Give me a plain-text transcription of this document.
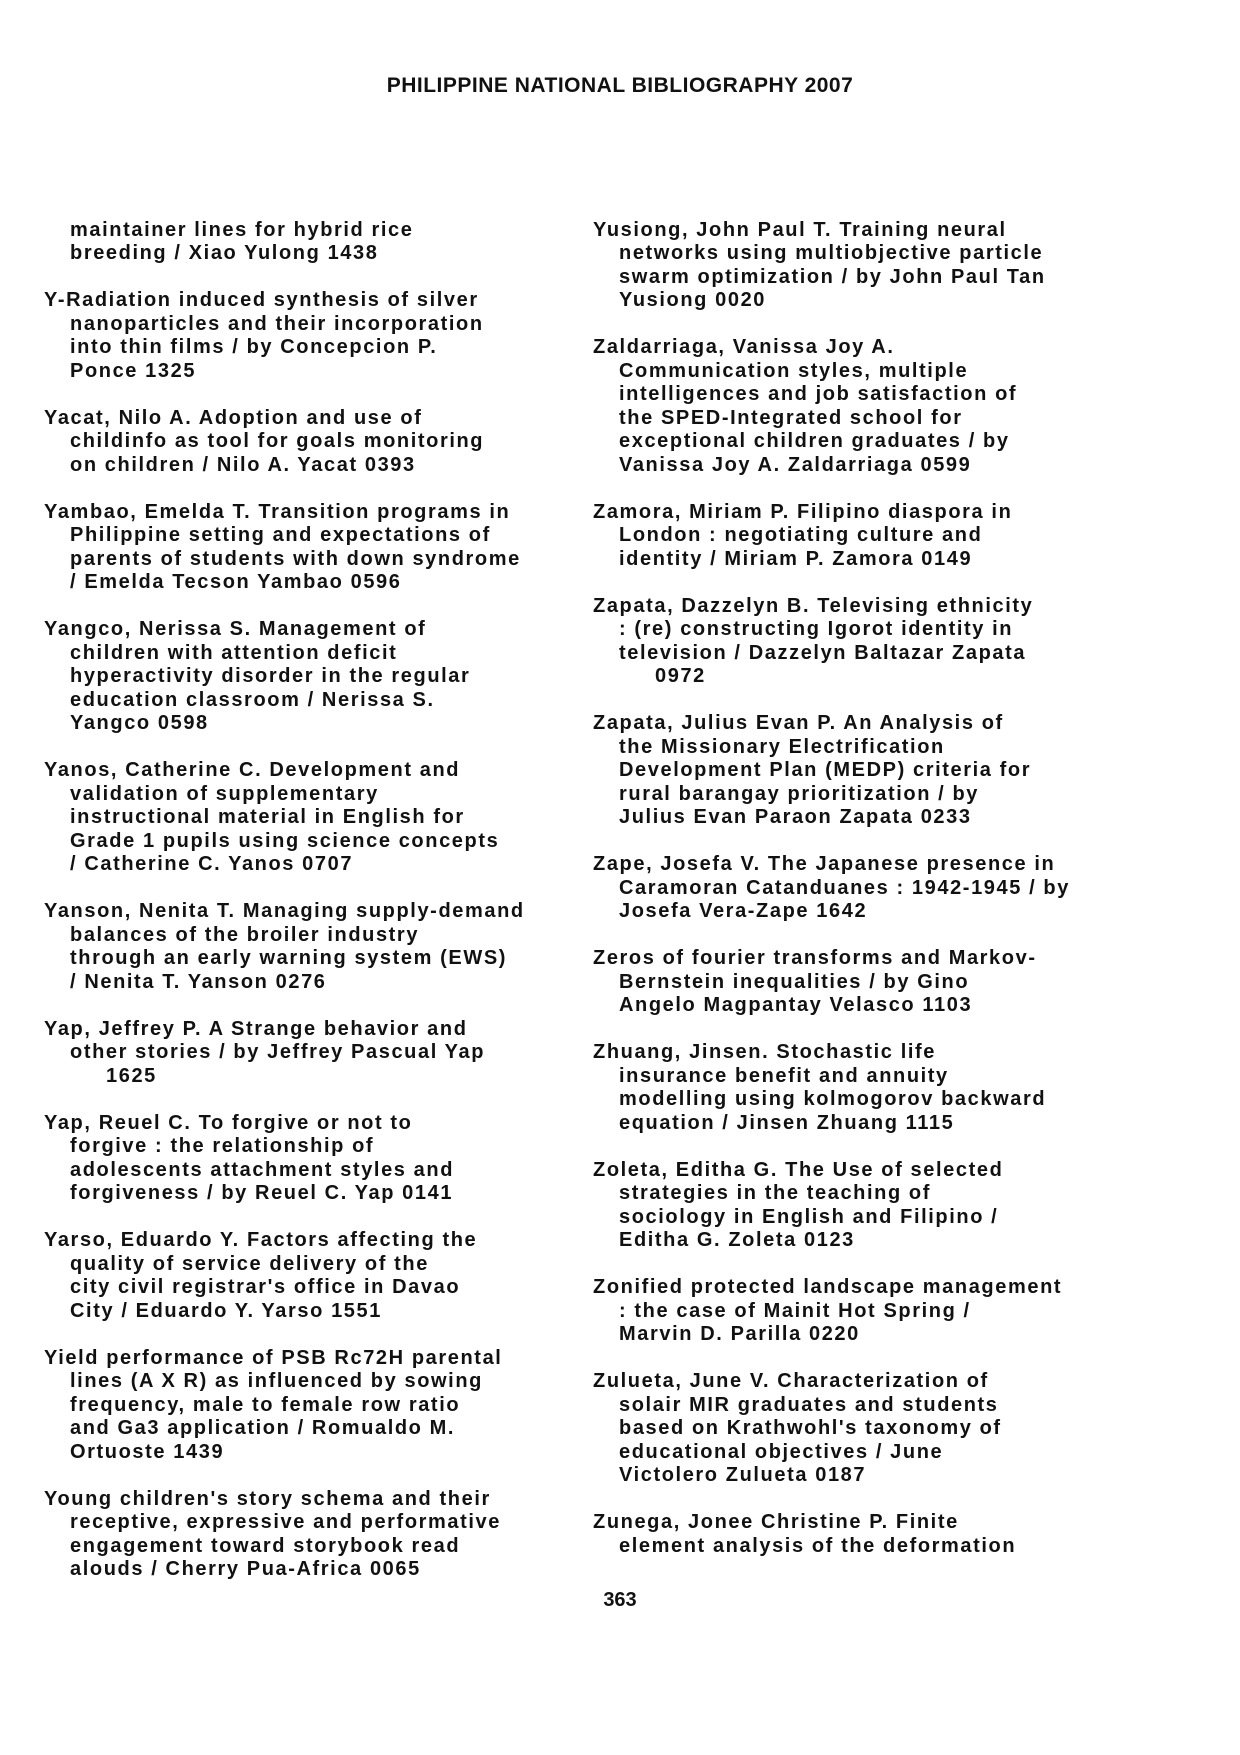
PHILIPPINE NATIONAL BIBLIOGRAPHY 2007
maintainer lines for hybrid rice
breeding / Xiao Yulong 1438
Y-Radiation induced synthesis of silver
nanoparticles and their incorporation
into thin films / by Concepcion P.
Ponce 1325
Yacat, Nilo A. Adoption and use of
childinfo as tool for goals monitoring
on children / Nilo A. Yacat 0393
Yambao, Emelda T. Transition programs in
Philippine setting and expectations of
parents of students with down syndrome
/ Emelda Tecson Yambao 0596
Yangco, Nerissa S. Management of
children with attention deficit
hyperactivity disorder in the regular
education classroom / Nerissa S.
Yangco 0598
Yanos, Catherine C. Development and
validation of supplementary
instructional material in English for
Grade 1 pupils using science concepts
/ Catherine C. Yanos 0707
Yanson, Nenita T. Managing supply-demand
balances of the broiler industry
through an early warning system (EWS)
/ Nenita T. Yanson 0276
Yap, Jeffrey P. A Strange behavior and
other stories / by Jeffrey Pascual Yap
1625
Yap, Reuel C. To forgive or not to
forgive : the relationship of
adolescents attachment styles and
forgiveness / by Reuel C. Yap 0141
Yarso, Eduardo Y. Factors affecting the
quality of service delivery of the
city civil registrar's office in Davao
City / Eduardo Y. Yarso 1551
Yield performance of PSB Rc72H parental
lines (A X R) as influenced by sowing
frequency, male to female row ratio
and Ga3 application / Romualdo M.
Ortuoste 1439
Young children's story schema and their
receptive, expressive and performative
engagement toward storybook read
alouds / Cherry Pua-Africa 0065
Yusiong, John Paul T. Training neural
networks using multiobjective particle
swarm optimization / by John Paul Tan
Yusiong 0020
Zaldarriaga, Vanissa Joy A.
Communication styles, multiple
intelligences and job satisfaction of
the SPED-Integrated school for
exceptional children graduates / by
Vanissa Joy A. Zaldarriaga 0599
Zamora, Miriam P. Filipino diaspora in
London : negotiating culture and
identity / Miriam P. Zamora 0149
Zapata, Dazzelyn B. Televising ethnicity
: (re) constructing Igorot identity in
television / Dazzelyn Baltazar Zapata
0972
Zapata, Julius Evan P. An Analysis of
the Missionary Electrification
Development Plan (MEDP) criteria for
rural barangay prioritization / by
Julius Evan Paraon Zapata 0233
Zape, Josefa V. The Japanese presence in
Caramoran Catanduanes : 1942-1945 / by
Josefa Vera-Zape 1642
Zeros of fourier transforms and Markov-
Bernstein inequalities / by Gino
Angelo Magpantay Velasco 1103
Zhuang, Jinsen. Stochastic life
insurance benefit and annuity
modelling using kolmogorov backward
equation / Jinsen Zhuang 1115
Zoleta, Editha G. The Use of selected
strategies in the teaching of
sociology in English and Filipino /
Editha G. Zoleta 0123
Zonified protected landscape management
: the case of Mainit Hot Spring /
Marvin D. Parilla 0220
Zulueta, June V. Characterization of
solair MIR graduates and students
based on Krathwohl's taxonomy of
educational objectives / June
Victolero Zulueta 0187
Zunega, Jonee Christine P. Finite
element analysis of the deformation
363
